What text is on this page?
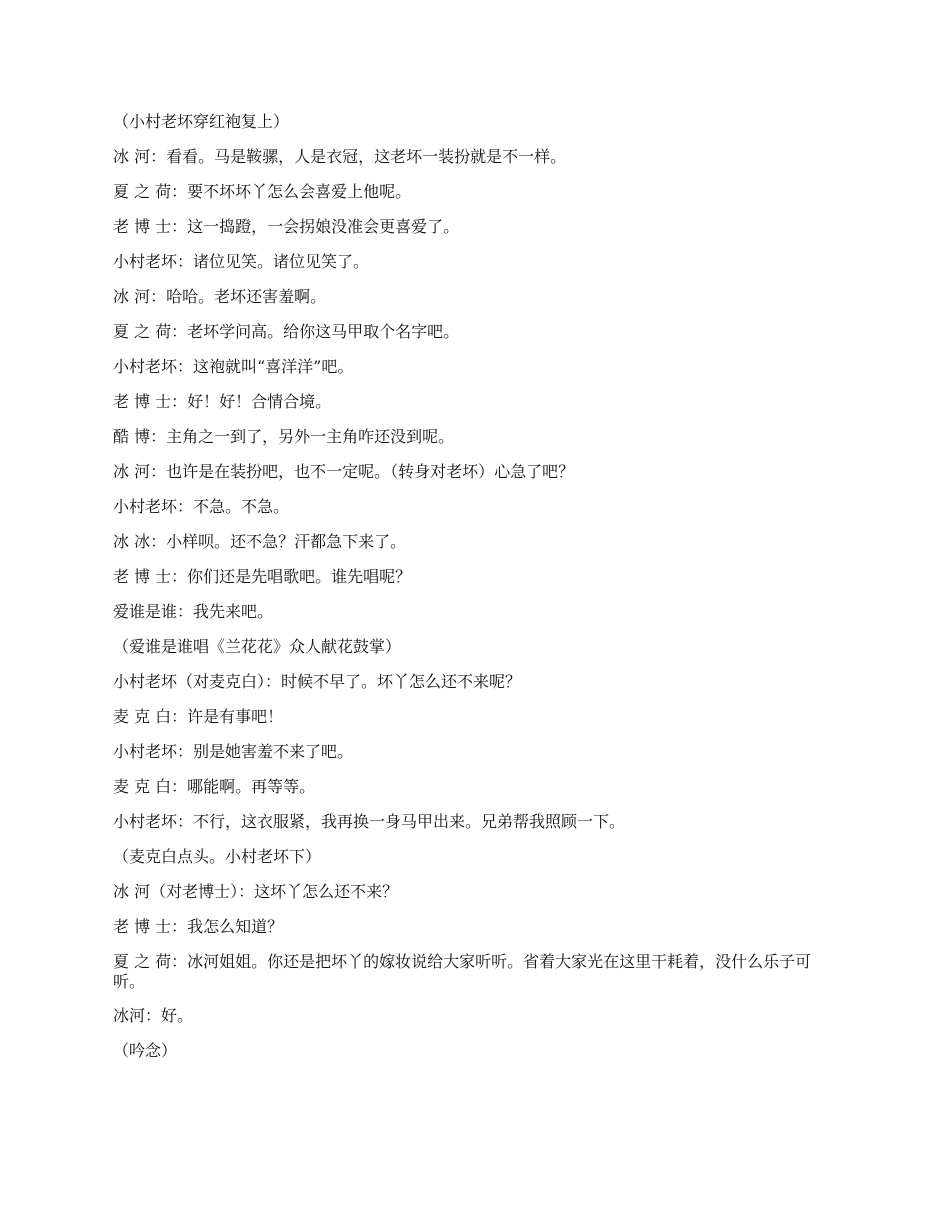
（小村老坏穿红袍复上）

冰 河：看看。马是鞍骡，人是衣冠，这老坏一装扮就是不一样。

夏 之 荷：要不坏坏丫怎么会喜爱上他呢。

老 博 士：这一捣蹬，一会拐娘没准会更喜爱了。

小村老坏：诸位见笑。诸位见笑了。

冰 河：哈哈。老坏还害羞啊。

夏 之 荷：老坏学问高。给你这马甲取个名字吧。

小村老坏：这袍就叫“喜洋洋”吧。

老 博 士：好！好！合情合境。

酷 博：主角之一到了，另外一主角咋还没到呢。

冰 河：也许是在装扮吧，也不一定呢。（转身对老坏）心急了吧？

小村老坏：不急。不急。

冰 冰：小样呗。还不急？汗都急下来了。

老 博 士：你们还是先唱歌吧。谁先唱呢？

爱谁是谁：我先来吧。

（爱谁是谁唱《兰花花》众人献花鼓掌）

小村老坏（对麦克白）：时候不早了。坏丫怎么还不来呢？

麦 克 白：许是有事吧！

小村老坏：别是她害羞不来了吧。

麦 克 白：哪能啊。再等等。

小村老坏：不行，这衣服紧，我再换一身马甲出来。兄弟帮我照顾一下。

（麦克白点头。小村老坏下）

冰 河（对老博士）：这坏丫怎么还不来？

老 博 士：我怎么知道？

夏 之 荷：冰河姐姐。你还是把坏丫的嫁妆说给大家听听。省着大家光在这里干耗着，没什么乐子可听。

冰河：好。

（吟念）
